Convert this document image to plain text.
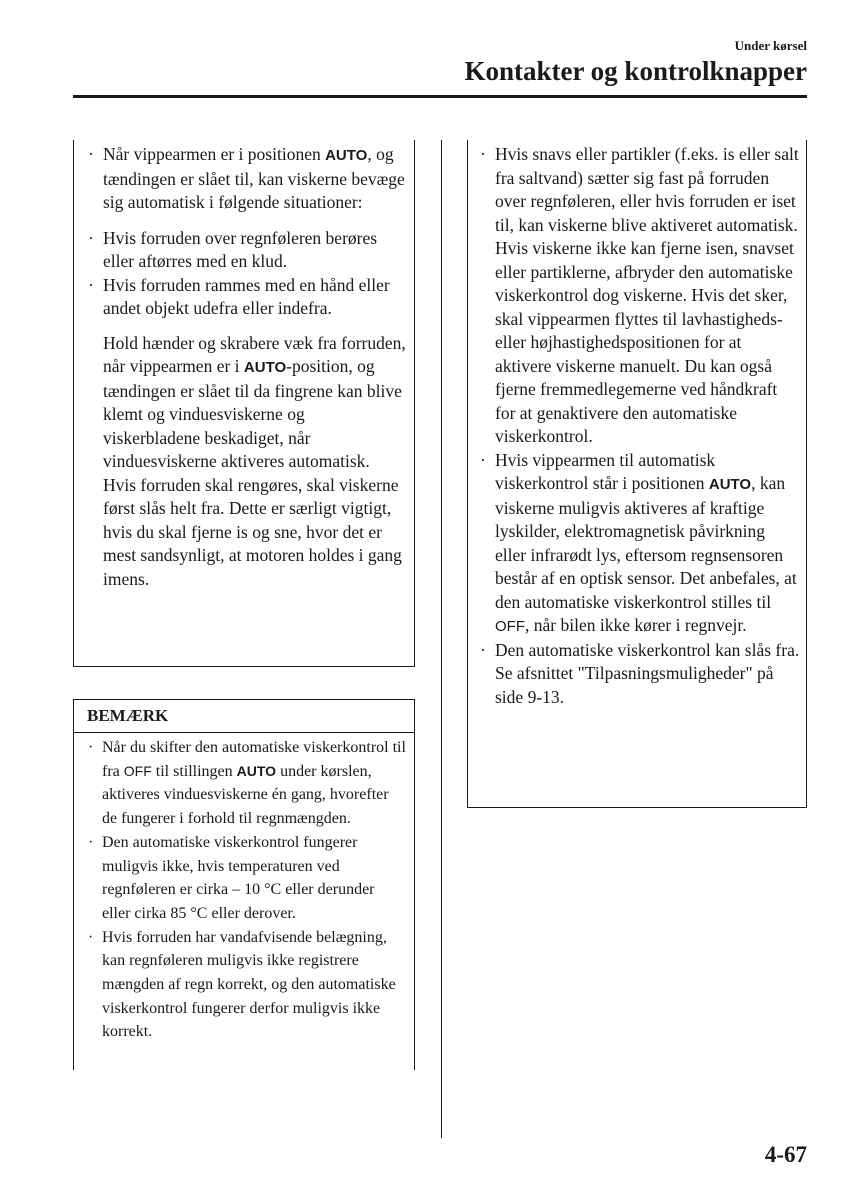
Under kørsel
Kontakter og kontrolknapper

· Når vippearmen er i positionen AUTO, og tændingen er slået til, kan viskerne bevæge sig automatisk i følgende situationer:

· Hvis forruden over regnføleren berøres eller aftørres med en klud.

· Hvis forruden rammes med en hånd eller andet objekt udefra eller indefra.

Hold hænder og skrabere væk fra forruden, når vippearmen er i AUTO-position, og tændingen er slået til da fingrene kan blive klemt og vinduesviskerne og viskerbladene beskadiget, når vinduesviskerne aktiveres automatisk.

Hvis forruden skal rengøres, skal viskerne først slås helt fra. Dette er særligt vigtigt, hvis du skal fjerne is og sne, hvor det er mest sandsynligt, at motoren holdes i gang imens.

BEMÆRK

· Når du skifter den automatiske viskerkontrol til fra OFF til stillingen AUTO under kørslen, aktiveres vinduesviskerne én gang, hvorefter de fungerer i forhold til regnmængden.

· Den automatiske viskerkontrol fungerer muligvis ikke, hvis temperaturen ved regnføleren er cirka – 10 °C eller derunder eller cirka 85 °C eller derover.

· Hvis forruden har vandafvisende belægning, kan regnføleren muligvis ikke registrere mængden af regn korrekt, og den automatiske viskerkontrol fungerer derfor muligvis ikke korrekt.

· Hvis snavs eller partikler (f.eks. is eller salt fra saltvand) sætter sig fast på forruden over regnføleren, eller hvis forruden er iset til, kan viskerne blive aktiveret automatisk. Hvis viskerne ikke kan fjerne isen, snavset eller partiklerne, afbryder den automatiske viskerkontrol dog viskerne. Hvis det sker, skal vippearmen flyttes til lavhastigheds- eller højhastighedspositionen for at aktivere viskerne manuelt. Du kan også fjerne fremmedlegemerne ved håndkraft for at genaktivere den automatiske viskerkontrol.

· Hvis vippearmen til automatisk viskerkontrol står i positionen AUTO, kan viskerne muligvis aktiveres af kraftige lyskilder, elektromagnetisk påvirkning eller infrarødt lys, eftersom regnsensoren består af en optisk sensor. Det anbefales, at den automatiske viskerkontrol stilles til OFF, når bilen ikke kører i regnvejr.

· Den automatiske viskerkontrol kan slås fra.

Se afsnittet "Tilpasningsmuligheder" på side 9-13.

4-67
